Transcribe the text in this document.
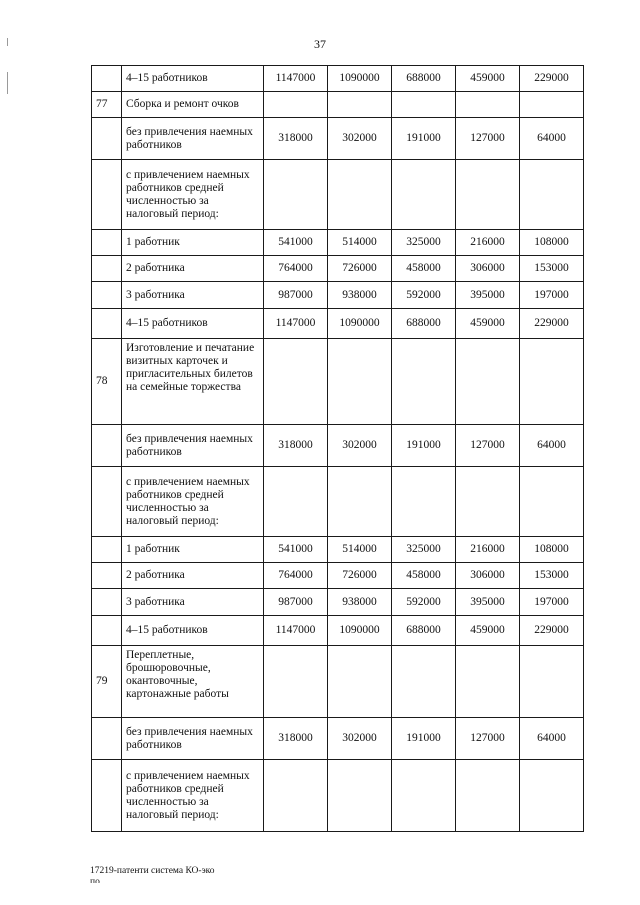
37
	4–15 работников	1147000	1090000	688000	459000	229000
77	Сборка и ремонт очков					
	без привлечения наемных работников	318000	302000	191000	127000	64000
	с привлечением наемных работников средней численностью за налоговый период:					
	1 работник	541000	514000	325000	216000	108000
	2 работника	764000	726000	458000	306000	153000
	3 работника	987000	938000	592000	395000	197000
	4–15 работников	1147000	1090000	688000	459000	229000
78	Изготовление и печатание визитных карточек и пригласительных билетов на семейные торжества					
	без привлечения наемных работников	318000	302000	191000	127000	64000
	с привлечением наемных работников средней численностью за налоговый период:					
	1 работник	541000	514000	325000	216000	108000
	2 работника	764000	726000	458000	306000	153000
	3 работника	987000	938000	592000	395000	197000
	4–15 работников	1147000	1090000	688000	459000	229000
79	Переплетные, брошюровочные, окантовочные, картонажные работы					
	без привлечения наемных работников	318000	302000	191000	127000	64000
	с привлечением наемных работников средней численностью за налоговый период:					
17219-патенти система КО-эко
по
